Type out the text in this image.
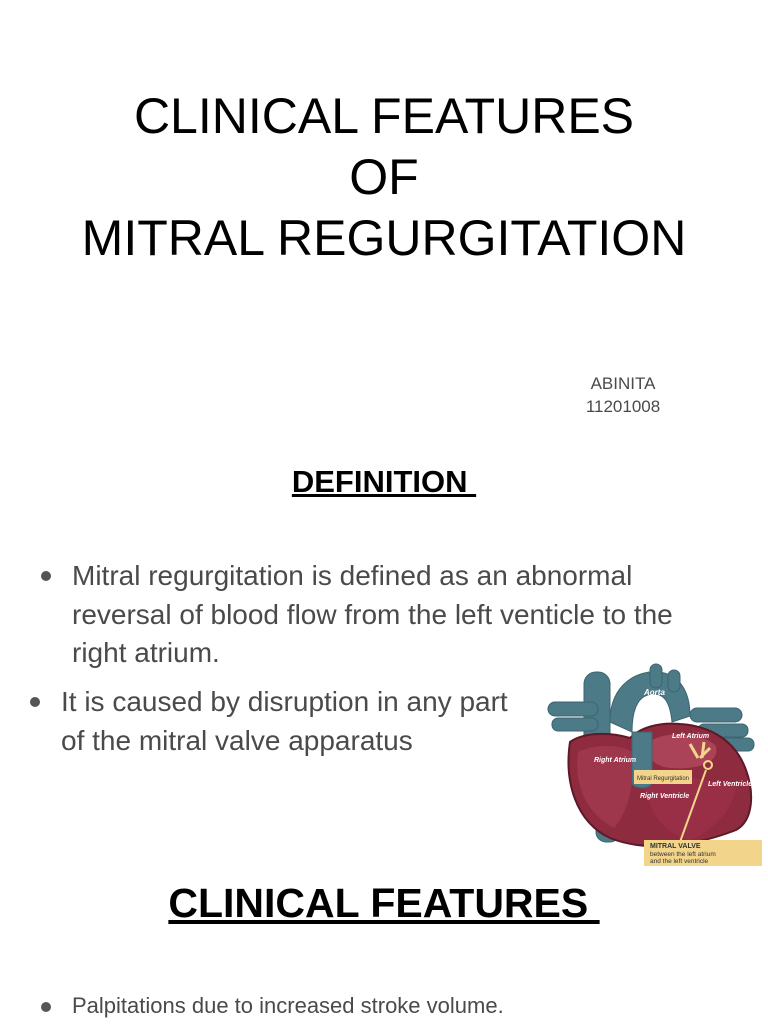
CLINICAL FEATURES
OF
MITRAL REGURGITATION
ABINITA
11201008
DEFINITION

Mitral regurgitation is defined as an abnormal reversal of blood flow from the left venticle to the right atrium.

It is caused by disruption in any part of the mitral valve apparatus

Aorta
Left Atrium
Right Atrium
Left Ventricle
Right Ventricle
Mitral Regurgitation
MITRAL VALVE
between the left atrium
and the left ventricle
CLINICAL FEATURES

Palpitations due to increased stroke volume.
